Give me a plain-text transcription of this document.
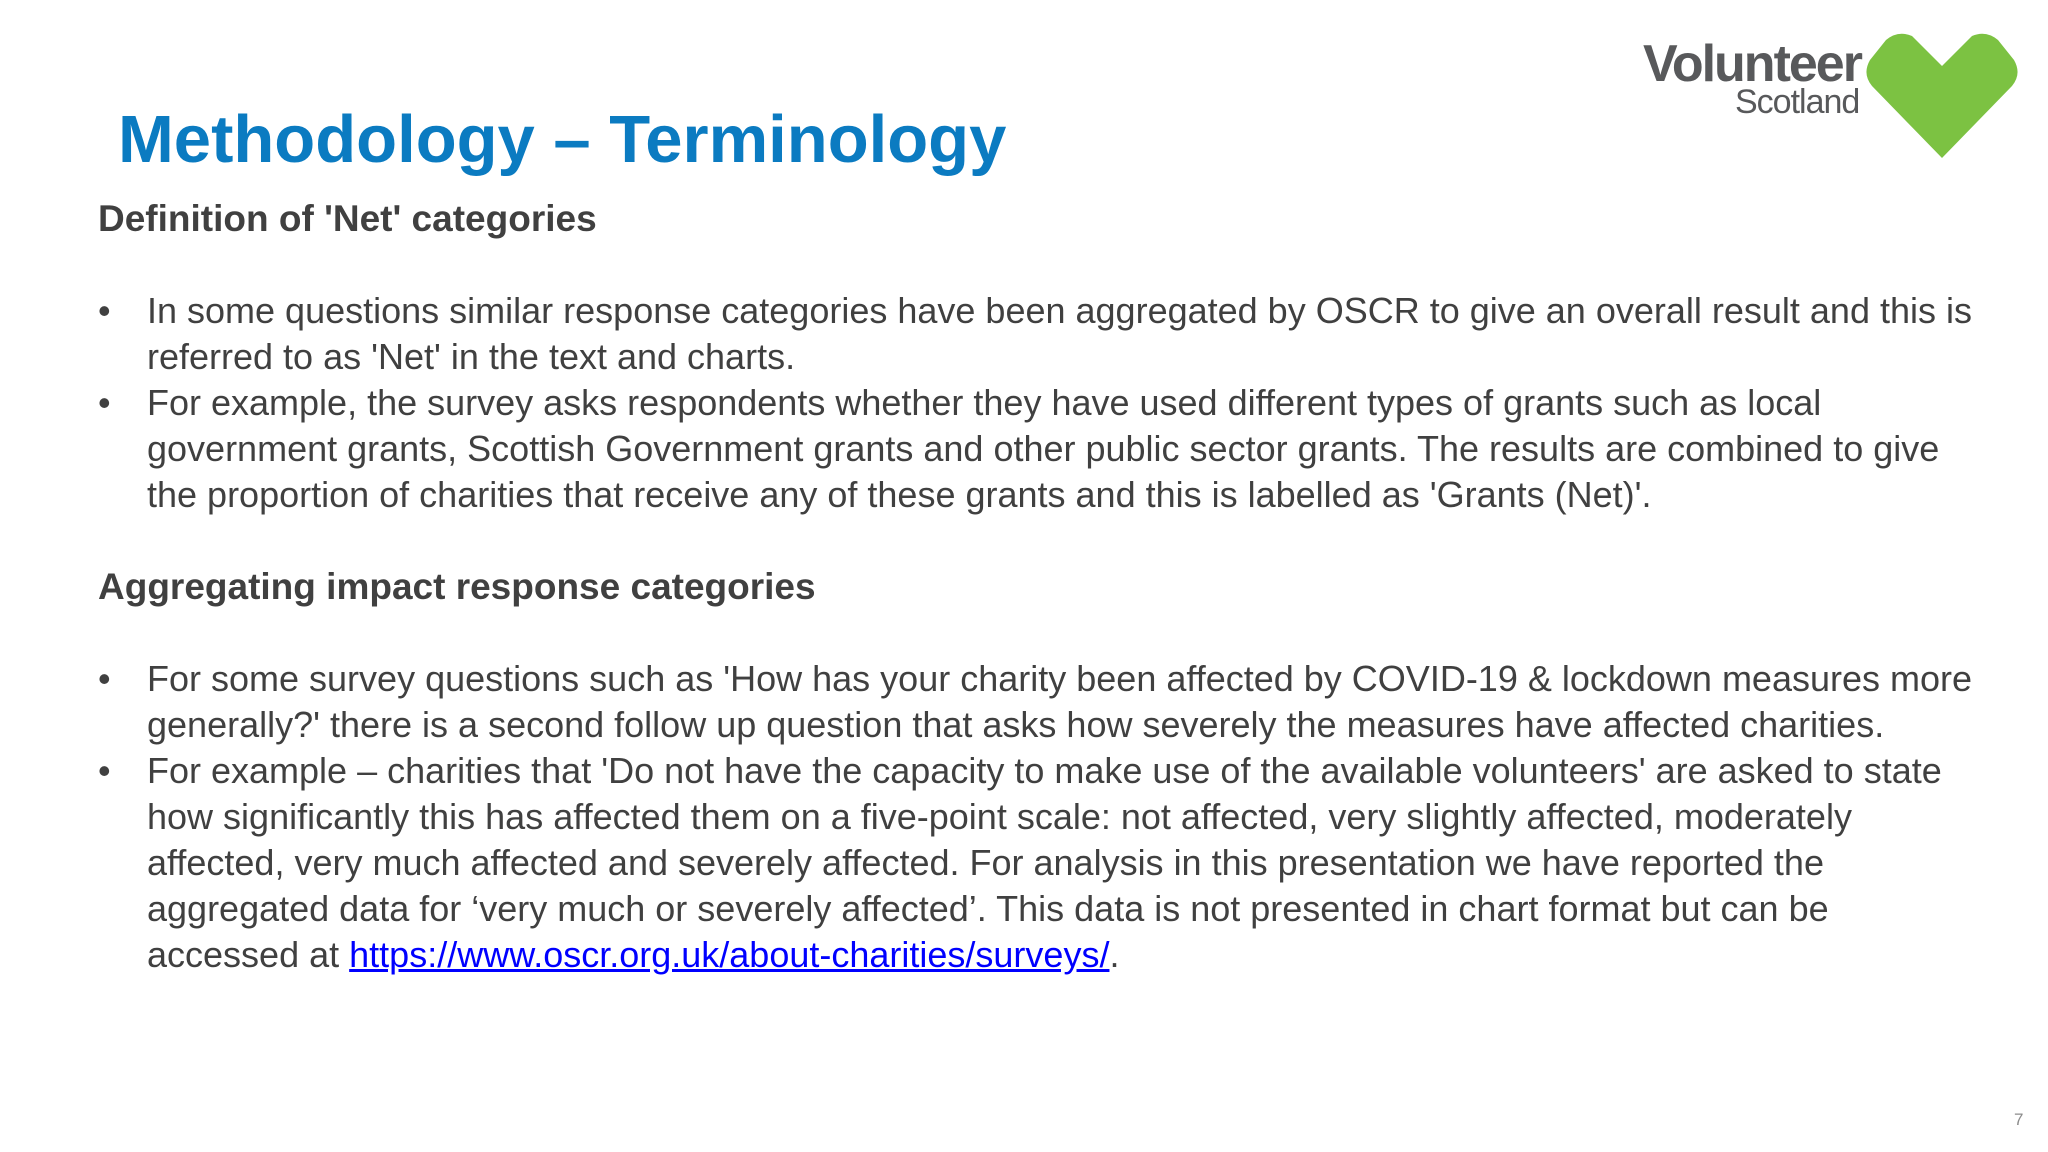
Methodology – Terminology
Volunteer
Scotland
Definition of 'Net' categories
• In some questions similar response categories have been aggregated by OSCR to give an overall result and this is referred to as 'Net' in the text and charts.
• For example, the survey asks respondents whether they have used different types of grants such as local government grants, Scottish Government grants and other public sector grants. The results are combined to give the proportion of charities that receive any of these grants and this is labelled as 'Grants (Net)'.
Aggregating impact response categories
• For some survey questions such as 'How has your charity been affected by COVID-19 & lockdown measures more generally?' there is a second follow up question that asks how severely the measures have affected charities.
• For example – charities that 'Do not have the capacity to make use of the available volunteers' are asked to state how significantly this has affected them on a five-point scale: not affected, very slightly affected, moderately affected, very much affected and severely affected. For analysis in this presentation we have reported the aggregated data for ‘very much or severely affected’. This data is not presented in chart format but can be accessed at https://www.oscr.org.uk/about-charities/surveys/.
7
